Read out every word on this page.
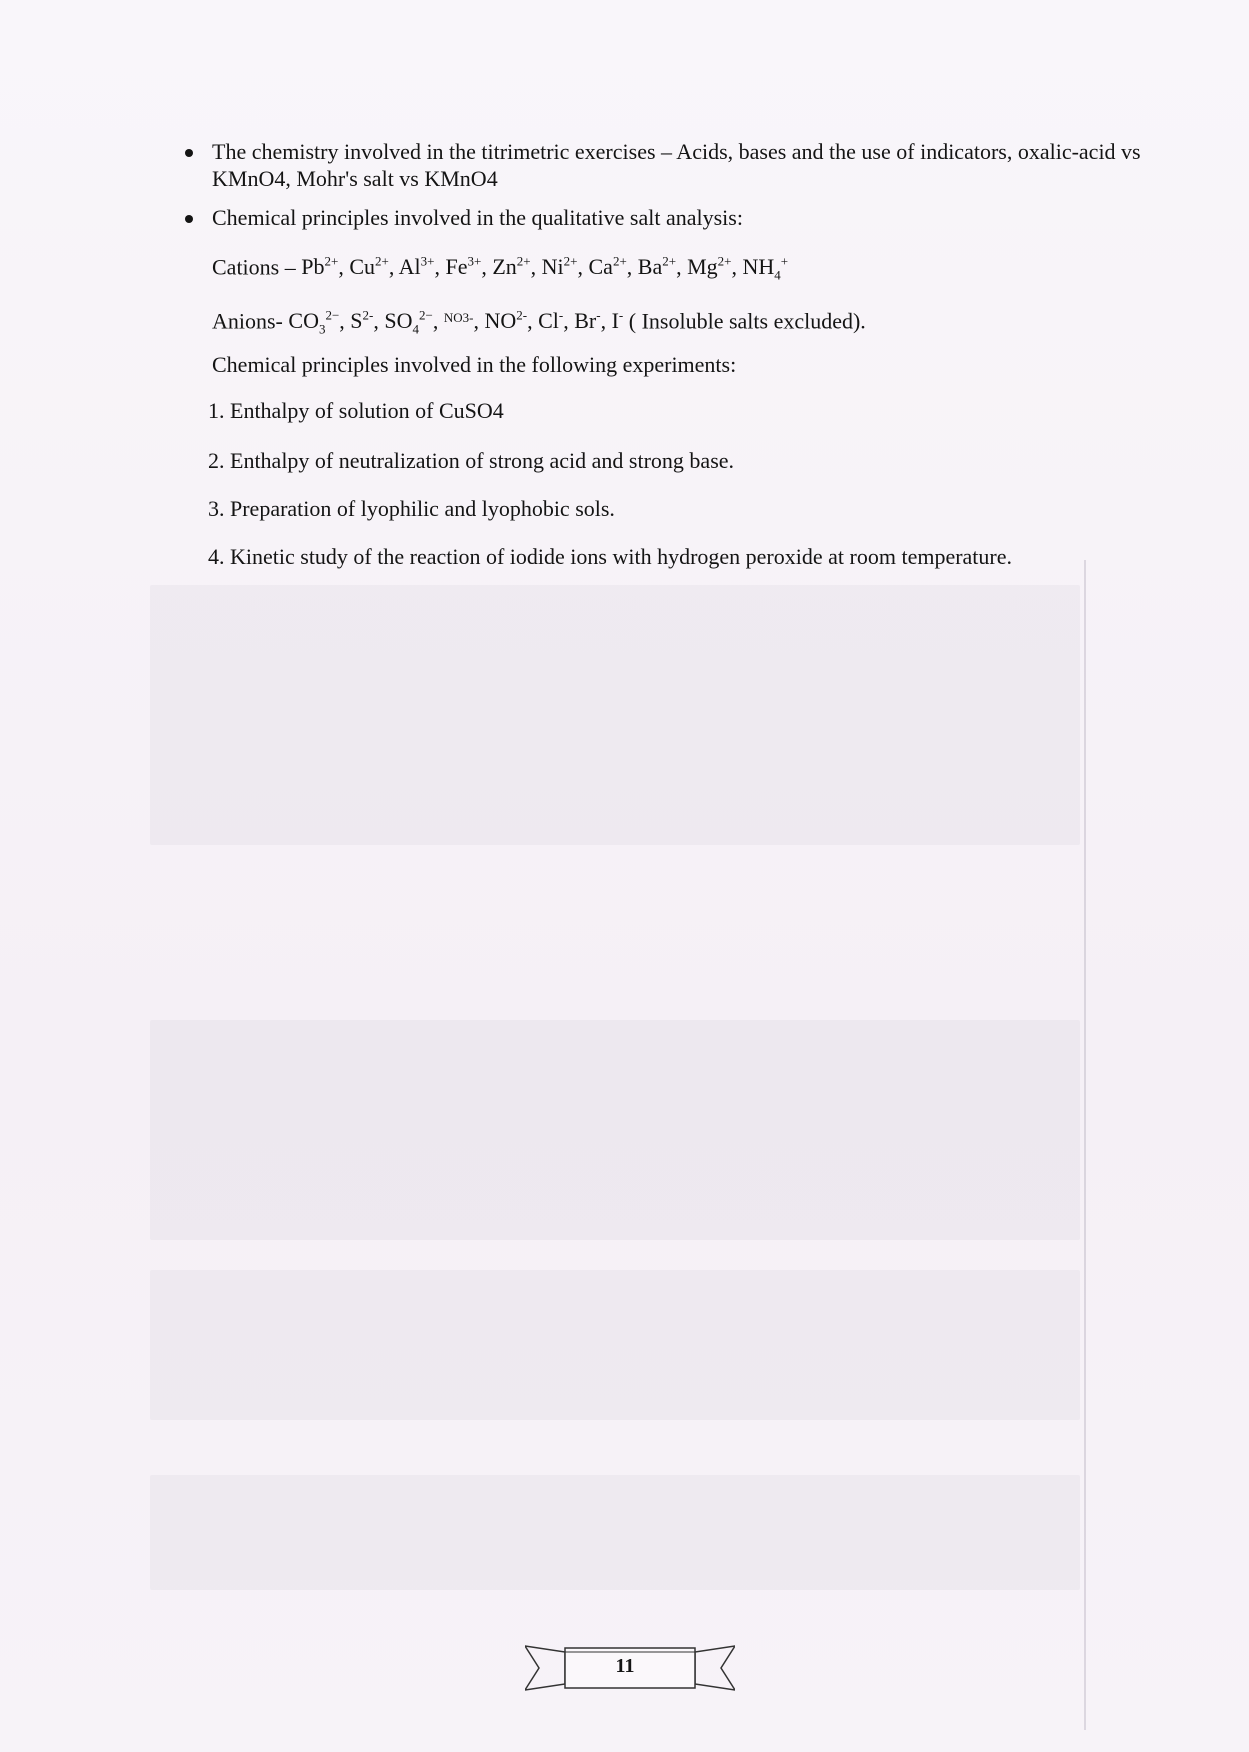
The chemistry involved in the titrimetric exercises – Acids, bases and the use of indicators, oxalic-acid vs KMnO4, Mohr's salt vs KMnO4
Chemical principles involved in the qualitative salt analysis:
Cations – $Pb^{2+}$, $Cu^{2+}$, $Al^{3+}$, $Fe^{3+}$, $Zn^{2+}$, $Ni^{2+}$, $Ca^{2+}$, $Ba^{2+}$, $Mg^{2+}$, $NH_4^+$
Anions- $CO_3^{2-}$, $S^{2-}$, $SO_4^{2-}$, $^{NO3-}$, $NO^{2-}$, Cl-, Br-, I- ( Insoluble salts excluded).
Chemical principles involved in the following experiments:
1. Enthalpy of solution of CuSO4
2. Enthalpy of neutralization of strong acid and strong base.
3. Preparation of lyophilic and lyophobic sols.
4. Kinetic study of the reaction of iodide ions with hydrogen peroxide at room temperature.
11
